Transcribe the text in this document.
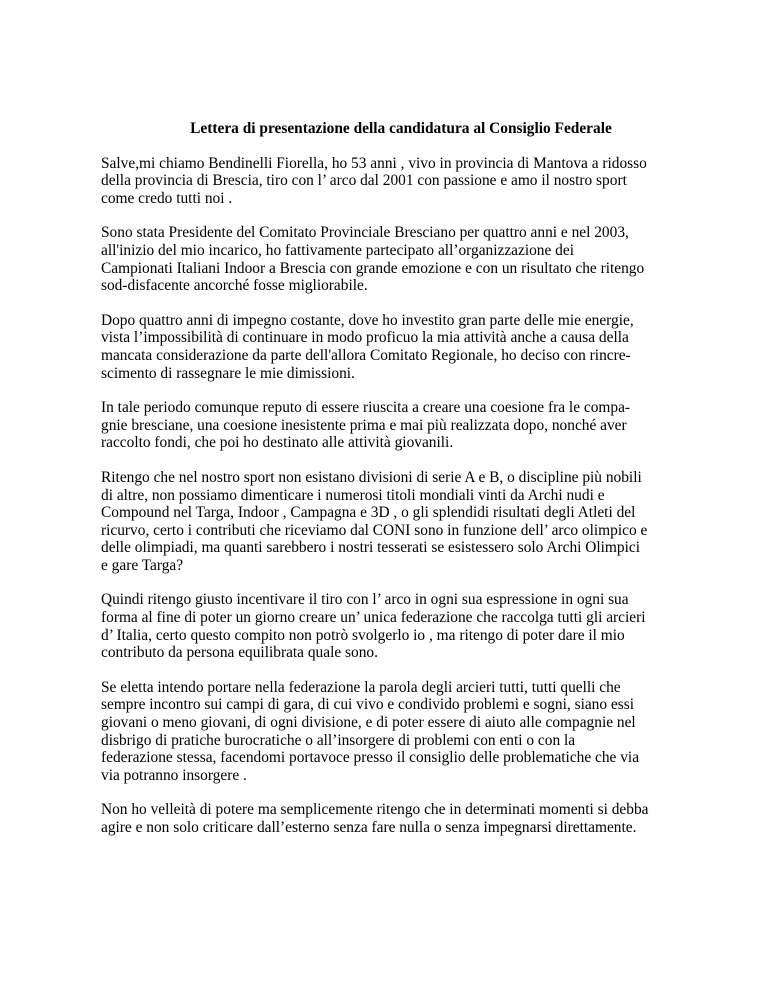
Lettera di presentazione della candidatura al Consiglio Federale
Salve,mi chiamo Bendinelli Fiorella, ho 53 anni , vivo in provincia di Mantova a ridosso
della provincia di Brescia, tiro con l’ arco dal 2001 con passione e amo il nostro sport
come credo tutti noi .
Sono stata Presidente del Comitato Provinciale Bresciano per quattro anni e nel 2003,
all'inizio del mio incarico, ho fattivamente partecipato all’organizzazione dei
Campionati Italiani Indoor a Brescia con grande emozione e con un risultato che ritengo
sod-disfacente ancorché fosse migliorabile.
Dopo quattro anni di impegno costante, dove ho investito gran parte delle mie energie,
vista l’impossibilità di continuare in modo proficuo la mia attività anche a causa della
mancata considerazione da parte dell'allora Comitato Regionale, ho deciso con rincre-
scimento di rassegnare le mie dimissioni.
In tale periodo comunque reputo di essere riuscita a creare una coesione fra le compa-
gnie bresciane, una coesione inesistente prima e mai più realizzata dopo, nonché aver
raccolto fondi, che poi ho destinato alle attività giovanili.
Ritengo che nel nostro sport non esistano divisioni di serie A e B, o discipline più nobili
di altre, non possiamo dimenticare i numerosi titoli mondiali vinti da Archi nudi e
Compound nel Targa, Indoor , Campagna e 3D , o gli splendidi risultati degli Atleti del
ricurvo, certo i contributi che riceviamo dal CONI sono in funzione dell’ arco olimpico e
delle olimpiadi, ma quanti sarebbero i nostri tesserati se esistessero solo Archi Olimpici
e gare Targa?
Quindi ritengo giusto incentivare il tiro con l’ arco in ogni sua espressione in ogni sua
forma al fine di poter un giorno creare un’ unica federazione che raccolga tutti gli arcieri
d’ Italia, certo questo compito non potrò svolgerlo io , ma ritengo di poter dare il mio
contributo da persona equilibrata quale sono.
Se eletta intendo portare nella federazione la parola degli arcieri tutti, tutti quelli che
sempre incontro sui campi di gara, di cui vivo e condivido problemi e sogni, siano essi
giovani o meno giovani, di ogni divisione, e di poter essere di aiuto alle compagnie nel
disbrigo di pratiche burocratiche o all’insorgere di problemi con enti o con la
federazione stessa, facendomi portavoce presso il consiglio delle problematiche che via
via potranno insorgere .
Non ho velleità di potere ma semplicemente ritengo che in determinati momenti si debba
agire e non solo criticare dall’esterno senza fare nulla o senza impegnarsi direttamente.
